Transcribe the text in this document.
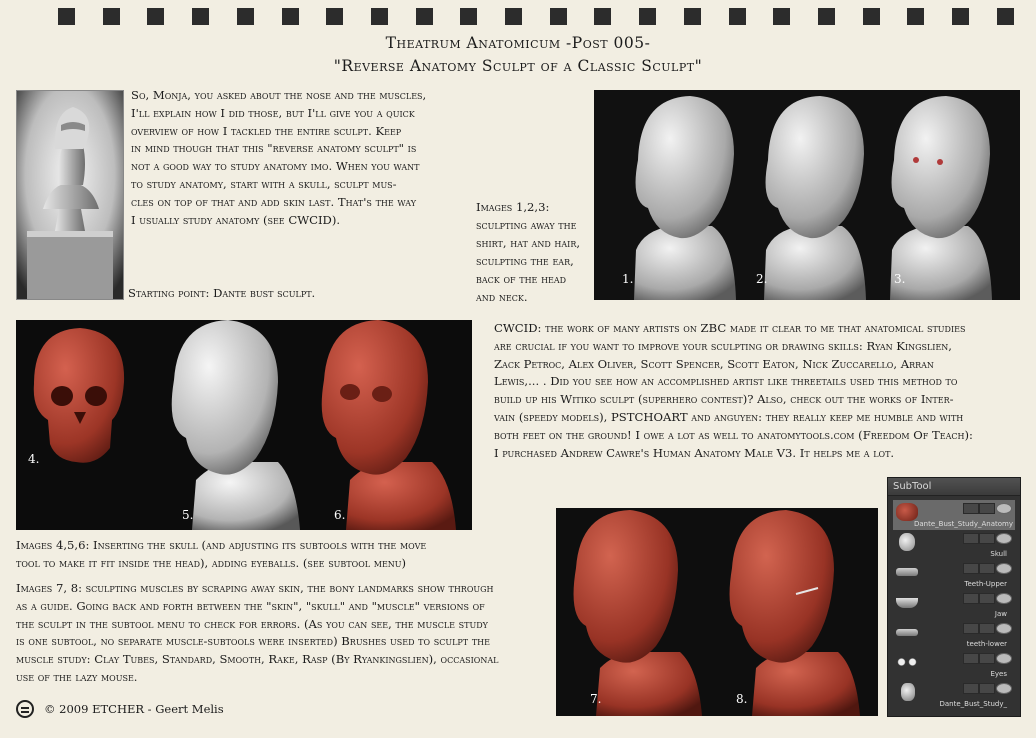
Theatrum Anatomicum -Post 005-
"Reverse Anatomy Sculpt of a Classic Sculpt"
So, Monja, you asked about the nose and the muscles,
I'll explain how I did those, but I'll give you a quick
overview of how I tackled the entire sculpt. Keep
in mind though that this "reverse anatomy sculpt" is
not a good way to study anatomy imo. When you want
to study anatomy, start with a skull, sculpt mus-
cles on top of that and add skin last. That's the way
I usually study anatomy (see CWCID).
Starting point: Dante bust sculpt.
Images 1,2,3:
sculpting away the
shirt, hat and hair,
sculpting the ear,
back of the head
and neck.
1.	2.	3.
4.
5.	6.
CWCID: the work of many artists on ZBC made it clear to me that anatomical studies
are crucial if you want to improve your sculpting or drawing skills: Ryan Kingslien,
Zack Petroc, Alex Oliver, Scott Spencer, Scott Eaton, Nick Zuccarello, Arran
Lewis,... . Did you see how an accomplished artist like threetails used this method to
build up his Witiko sculpt (superhero contest)? Also, check out the works of Inter-
vain (speedy models), PSTCHOART and anguyen: they really keep me humble and with
both feet on the ground! I owe a lot as well to anatomytools.com (Freedom Of Teach):
I purchased Andrew Cawre's Human Anatomy Male V3. It helps me a lot.
Images 4,5,6: Inserting the skull (and adjusting its subtools with the move
tool to make it fit inside the head), adding eyeballs. (see subtool menu)
Images 7, 8: sculpting muscles by scraping away skin, the bony landmarks show through
as a guide. Going back and forth between the "skin", "skull" and "muscle" versions of
the sculpt in the subtool menu to check for errors. (As you can see, the muscle study
is one subtool, no separate muscle-subtools were inserted) Brushes used to sculpt the
muscle study: Clay Tubes, Standard, Smooth, Rake, Rasp (By Ryankingslien), occasional
use of the lazy mouse.
7.	8.
SubTool
Dante_Bust_Study_Anatomy
Skull
Teeth-Upper
Jaw
teeth-lower
Eyes
Dante_Bust_Study_
© 2009 ETCHER - Geert Melis
